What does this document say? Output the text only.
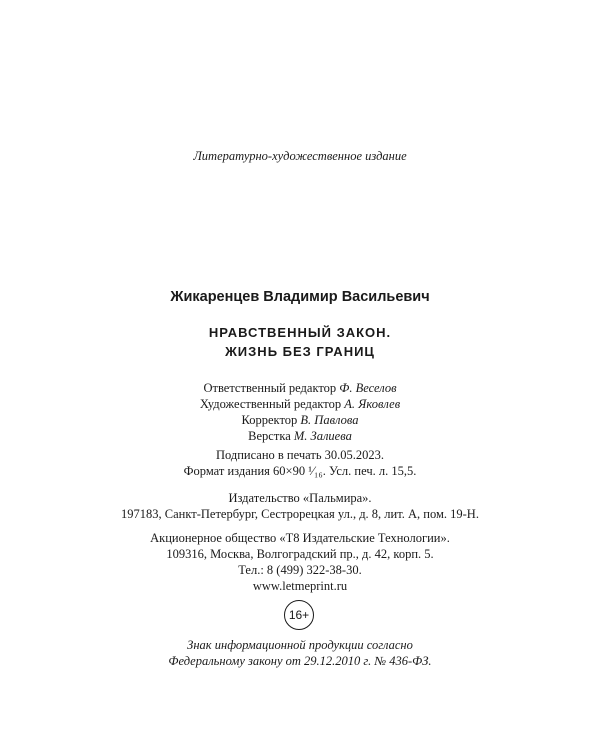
Литературно-художественное издание
Жикаренцев Владимир Васильевич
НРАВСТВЕННЫЙ ЗАКОН.
ЖИЗНЬ БЕЗ ГРАНИЦ
Ответственный редактор Ф. Веселов
Художественный редактор А. Яковлев
Корректор В. Павлова
Верстка М. Залиева
Подписано в печать 30.05.2023.
Формат издания 60×90 ¹⁄₁₆. Усл. печ. л. 15,5.
Издательство «Пальмира».
197183, Санкт-Петербург, Сестрорецкая ул., д. 8, лит. А, пом. 19-Н.
Акционерное общество «Т8 Издательские Технологии».
109316, Москва, Волгоградский пр., д. 42, корп. 5.
Тел.: 8 (499) 322-38-30.
www.letmeprint.ru
16+
Знак информационной продукции согласно
Федеральному закону от 29.12.2010 г. № 436-ФЗ.
